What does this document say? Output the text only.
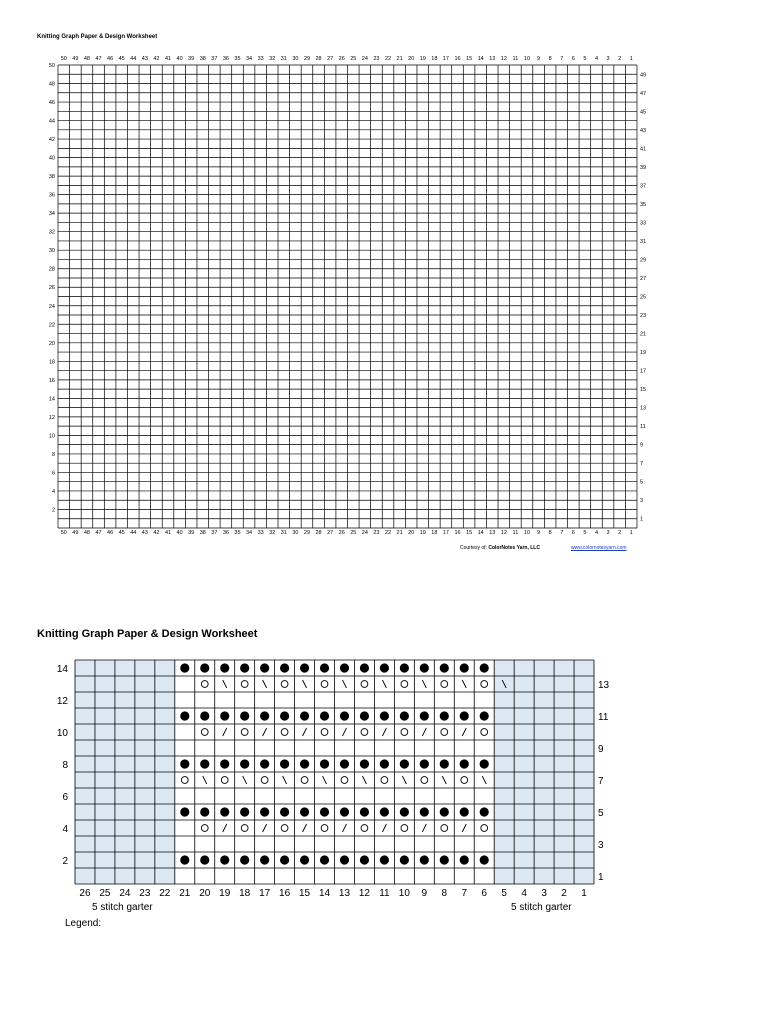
Knitting Graph Paper & Design Worksheet
50
50
49
49
48
48
47
47
46
46
45
45
44
44
43
43
42
42
41
41
40
40
39
39
38
38
37
37
36
36
35
35
34
34
33
33
32
32
31
31
30
30
29
29
28
28
27
27
26
26
25
25
24
24
23
23
22
22
21
21
20
20
19
19
18
18
17
17
16
16
15
15
14
14
13
13
12
12
11
11
10
10
9
9
8
8
7
7
6
6
5
5
4
4
3
3
2
2
1
1
50
48
46
44
42
40
38
36
34
32
30
28
26
24
22
20
18
16
14
12
10
8
6
4
2
49
47
45
43
41
39
37
35
33
31
29
27
25
23
21
19
17
15
13
11
9
7
5
3
1
Courtesy of: ColorNotes Yarn, LLC	www.colornotesyarn.com
Knitting Graph Paper & Design Worksheet
26 25 24 23 22 21 20 19 18 17 16 15 14 13 12 11 10 9 8 7 6 5 4 3 2 1
14
12
10
8
6
4
2
13
11
9
7
5
3
1
5 stitch garter	5 stitch garter
Legend:
